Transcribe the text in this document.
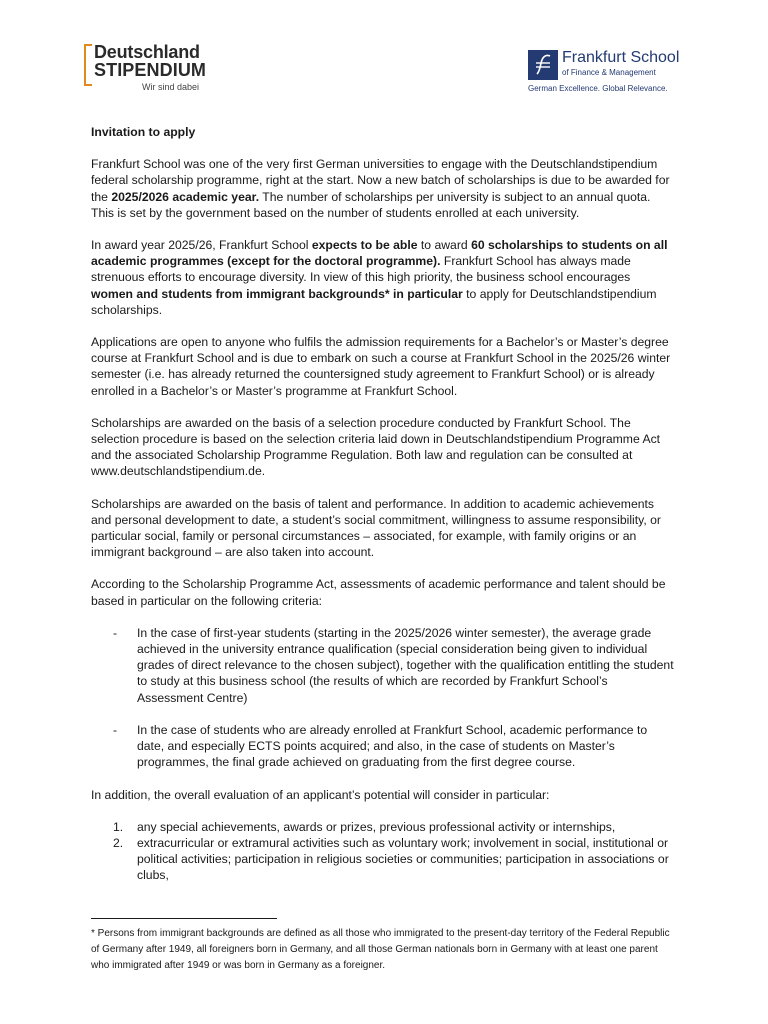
Deutschland
STIPENDIUM
Wir sind dabei
Frankfurt School
of Finance & Management
German Excellence. Global Relevance.
Invitation to apply

Frankfurt School was one of the very first German universities to engage with the Deutschlandstipendium federal scholarship programme, right at the start. Now a new batch of scholarships is due to be awarded for the 2025/2026 academic year. The number of scholarships per university is subject to an annual quota. This is set by the government based on the number of students enrolled at each university.

In award year 2025/26, Frankfurt School expects to be able to award 60 scholarships to students on all academic programmes (except for the doctoral programme). Frankfurt School has always made strenuous efforts to encourage diversity. In view of this high priority, the business school encourages women and students from immigrant backgrounds* in particular to apply for Deutschlandstipendium scholarships.

Applications are open to anyone who fulfils the admission requirements for a Bachelor’s or Master’s degree course at Frankfurt School and is due to embark on such a course at Frankfurt School in the 2025/26 winter semester (i.e. has already returned the countersigned study agreement to Frankfurt School) or is already enrolled in a Bachelor’s or Master’s programme at Frankfurt School.

Scholarships are awarded on the basis of a selection procedure conducted by Frankfurt School. The selection procedure is based on the selection criteria laid down in Deutschlandstipendium Programme Act and the associated Scholarship Programme Regulation. Both law and regulation can be consulted at www.deutschlandstipendium.de.

Scholarships are awarded on the basis of talent and performance. In addition to academic achievements and personal development to date, a student’s social commitment, willingness to assume responsibility, or particular social, family or personal circumstances – associated, for example, with family origins or an immigrant background – are also taken into account.

According to the Scholarship Programme Act, assessments of academic performance and talent should be based in particular on the following criteria:

- In the case of first-year students (starting in the 2025/2026 winter semester), the average grade achieved in the university entrance qualification (special consideration being given to individual grades of direct relevance to the chosen subject), together with the qualification entitling the student to study at this business school (the results of which are recorded by Frankfurt School’s Assessment Centre)
- In the case of students who are already enrolled at Frankfurt School, academic performance to date, and especially ECTS points acquired; and also, in the case of students on Master’s programmes, the final grade achieved on graduating from the first degree course.

In addition, the overall evaluation of an applicant’s potential will consider in particular:

1. any special achievements, awards or prizes, previous professional activity or internships,
2. extracurricular or extramural activities such as voluntary work; involvement in social, institutional or political activities; participation in religious societies or communities; participation in associations or clubs,
* Persons from immigrant backgrounds are defined as all those who immigrated to the present-day territory of the Federal Republic of Germany after 1949, all foreigners born in Germany, and all those German nationals born in Germany with at least one parent who immigrated after 1949 or was born in Germany as a foreigner.
